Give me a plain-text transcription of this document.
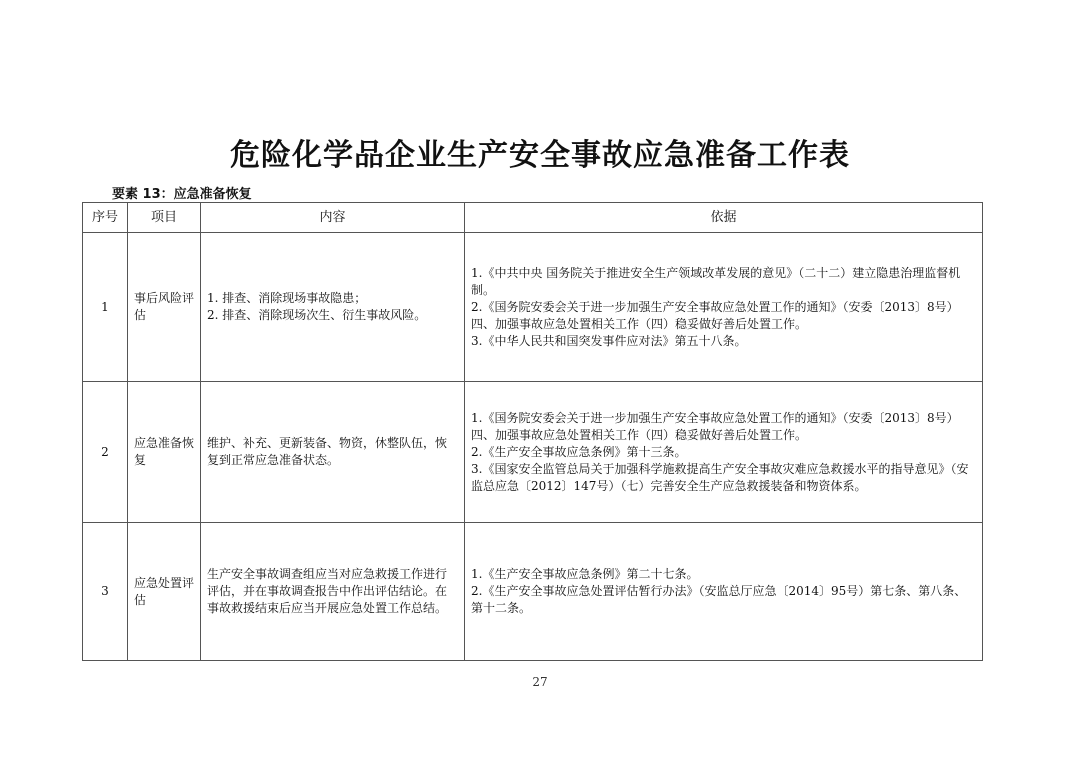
危险化学品企业生产安全事故应急准备工作表
要素 13：应急准备恢复
序号	项目	内容	依据
1	事后风险评估	1. 排查、消除现场事故隐患；
2. 排查、消除现场次生、衍生事故风险。	1.《中共中央 国务院关于推进安全生产领域改革发展的意见》（二十二）建立隐患治理监督机制。
2.《国务院安委会关于进一步加强生产安全事故应急处置工作的通知》（安委〔2013〕8号）四、加强事故应急处置相关工作（四）稳妥做好善后处置工作。
3.《中华人民共和国突发事件应对法》第五十八条。

2	应急准备恢复	维护、补充、更新装备、物资，休整队伍，恢复到正常应急准备状态。	1.《国务院安委会关于进一步加强生产安全事故应急处置工作的通知》（安委〔2013〕8号）四、加强事故应急处置相关工作（四）稳妥做好善后处置工作。
2.《生产安全事故应急条例》第十三条。
3.《国家安全监管总局关于加强科学施救提高生产安全事故灾难应急救援水平的指导意见》（安监总应急〔2012〕147号）（七）完善安全生产应急救援装备和物资体系。

3	应急处置评估	生产安全事故调查组应当对应急救援工作进行评估，并在事故调查报告中作出评估结论。在事故救援结束后应当开展应急处置工作总结。	1.《生产安全事故应急条例》第二十七条。
2.《生产安全事故应急处置评估暂行办法》（安监总厅应急〔2014〕95号）第七条、第八条、第十二条。
27
